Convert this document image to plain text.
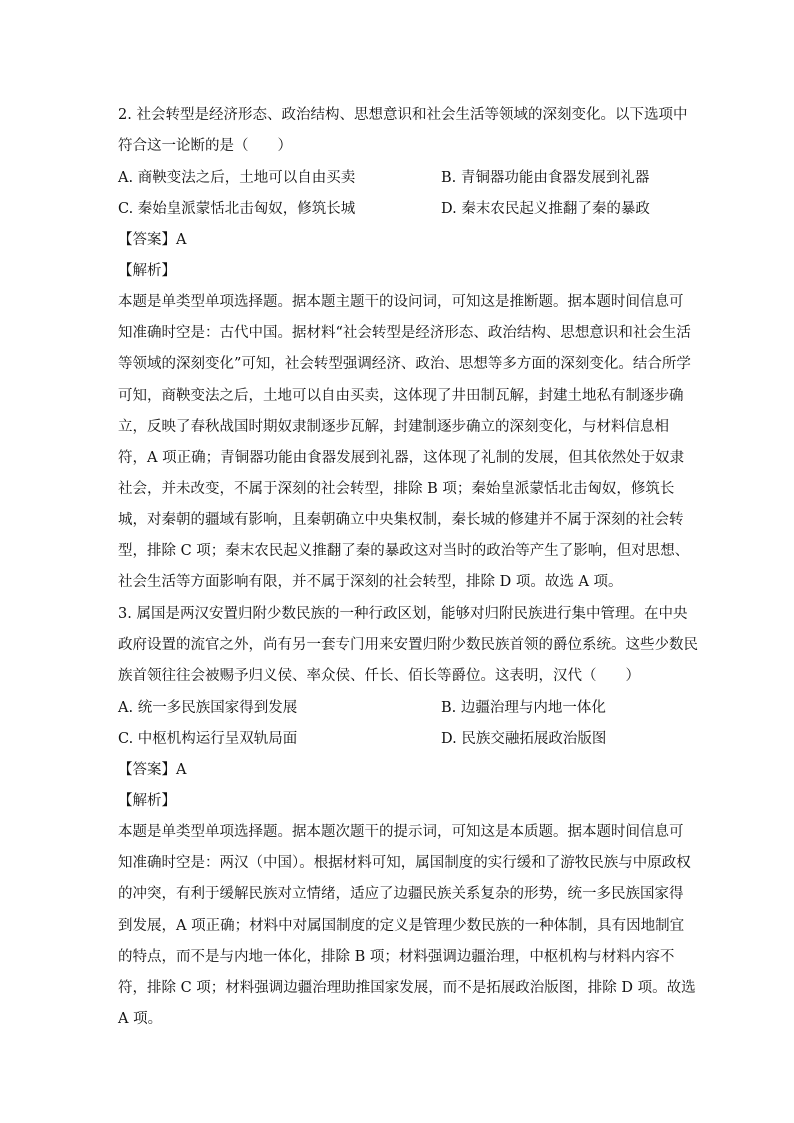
2. 社会转型是经济形态、政治结构、思想意识和社会生活等领域的深刻变化。以下选项中
符合这一论断的是（　　）
A. 商鞅变法之后，土地可以自由买卖	B. 青铜器功能由食器发展到礼器
C. 秦始皇派蒙恬北击匈奴，修筑长城	D. 秦末农民起义推翻了秦的暴政
【答案】A
【解析】
本题是单类型单项选择题。据本题主题干的设问词，可知这是推断题。据本题时间信息可
知准确时空是：古代中国。据材料“社会转型是经济形态、政治结构、思想意识和社会生活
等领域的深刻变化”可知，社会转型强调经济、政治、思想等多方面的深刻变化。结合所学
可知，商鞅变法之后，土地可以自由买卖，这体现了井田制瓦解，封建土地私有制逐步确
立，反映了春秋战国时期奴隶制逐步瓦解，封建制逐步确立的深刻变化，与材料信息相
符，A 项正确；青铜器功能由食器发展到礼器，这体现了礼制的发展，但其依然处于奴隶
社会，并未改变，不属于深刻的社会转型，排除 B 项；秦始皇派蒙恬北击匈奴，修筑长
城，对秦朝的疆域有影响，且秦朝确立中央集权制，秦长城的修建并不属于深刻的社会转
型，排除 C 项；秦末农民起义推翻了秦的暴政这对当时的政治等产生了影响，但对思想、
社会生活等方面影响有限，并不属于深刻的社会转型，排除 D 项。故选 A 项。
3. 属国是两汉安置归附少数民族的一种行政区划，能够对归附民族进行集中管理。在中央
政府设置的流官之外，尚有另一套专门用来安置归附少数民族首领的爵位系统。这些少数民
族首领往往会被赐予归义侯、率众侯、仟长、佰长等爵位。这表明，汉代（　　）
A. 统一多民族国家得到发展	B. 边疆治理与内地一体化
C. 中枢机构运行呈双轨局面	D. 民族交融拓展政治版图
【答案】A
【解析】
本题是单类型单项选择题。据本题次题干的提示词，可知这是本质题。据本题时间信息可
知准确时空是：两汉（中国）。根据材料可知，属国制度的实行缓和了游牧民族与中原政权
的冲突，有利于缓解民族对立情绪，适应了边疆民族关系复杂的形势，统一多民族国家得
到发展，A 项正确；材料中对属国制度的定义是管理少数民族的一种体制，具有因地制宜
的特点，而不是与内地一体化，排除 B 项；材料强调边疆治理，中枢机构与材料内容不
符，排除 C 项；材料强调边疆治理助推国家发展，而不是拓展政治版图，排除 D 项。故选
A 项。
